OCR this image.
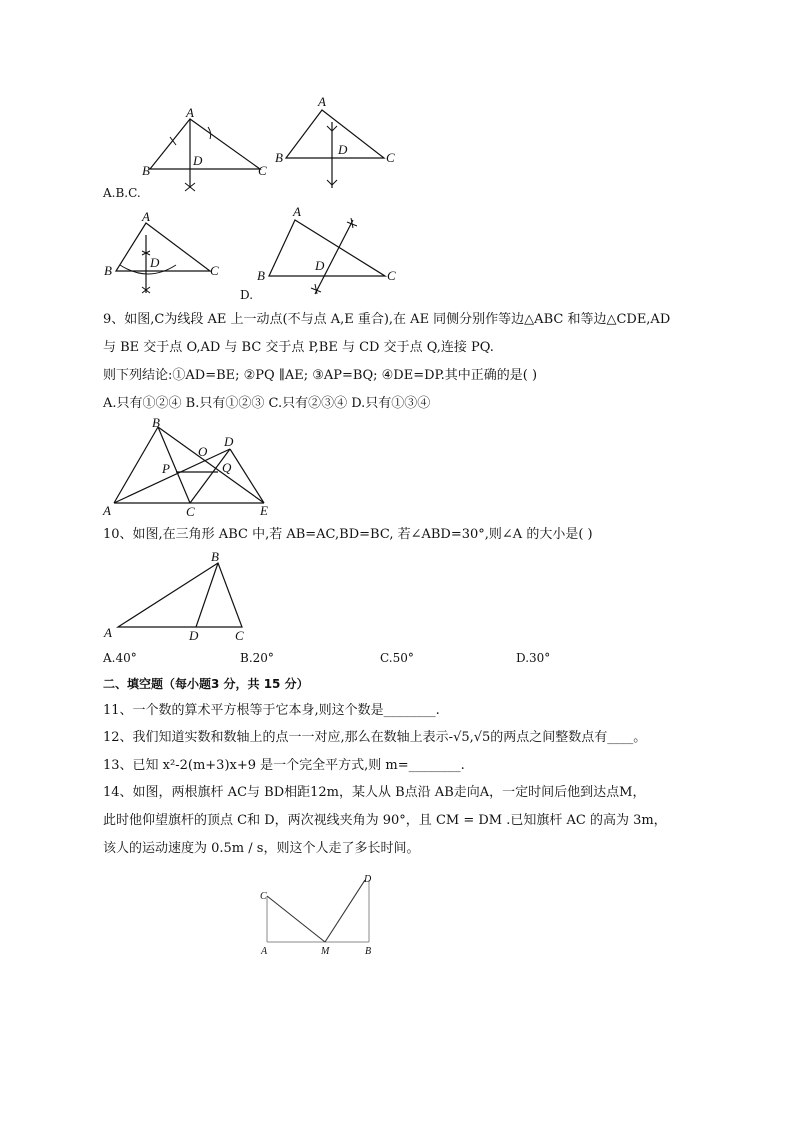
A
B	C
D
A
B	C
D
A.B.C.
A
B	C
D
A
B	C
D
D.
9、如图,C为线段 AE 上一动点(不与点 A,E 重合),在 AE 同侧分别作等边△ABC 和等边△CDE,AD
与 BE 交于点 O,AD 与 BC 交于点 P,BE 与 CD 交于点 Q,连接 PQ.
则下列结论:①AD=BE; ②PQ ∥AE; ③AP=BQ; ④DE=DP.其中正确的是( )
A.只有①②④ B.只有①②③ C.只有②③④ D.只有①③④
B
D
O
P	Q
A	C	E
10、如图,在三角形 ABC 中,若 AB=AC,BD=BC, 若∠ABD=30°,则∠A 的大小是( )
B
A	D	C
A.40°	B.20°	C.50°	D.30°
二、填空题（每小题3 分，共 15 分）
11、一个数的算术平方根等于它本身,则这个数是________.
12、我们知道实数和数轴上的点一一对应,那么在数轴上表示-√5,√5的两点之间整数点有____。
13、已知 x²-2(m+3)x+9 是一个完全平方式,则 m=________.
14、如图，两根旗杆 AC与 BD相距12m，某人从 B点沿 AB走向A，一定时间后他到达点M，
此时他仰望旗杆的顶点 C和 D，两次视线夹角为 90°，且 CM = DM .已知旗杆 AC 的高为 3m，
该人的运动速度为 0.5m / s，则这个人走了多长时间。
C
D
A	M	B
